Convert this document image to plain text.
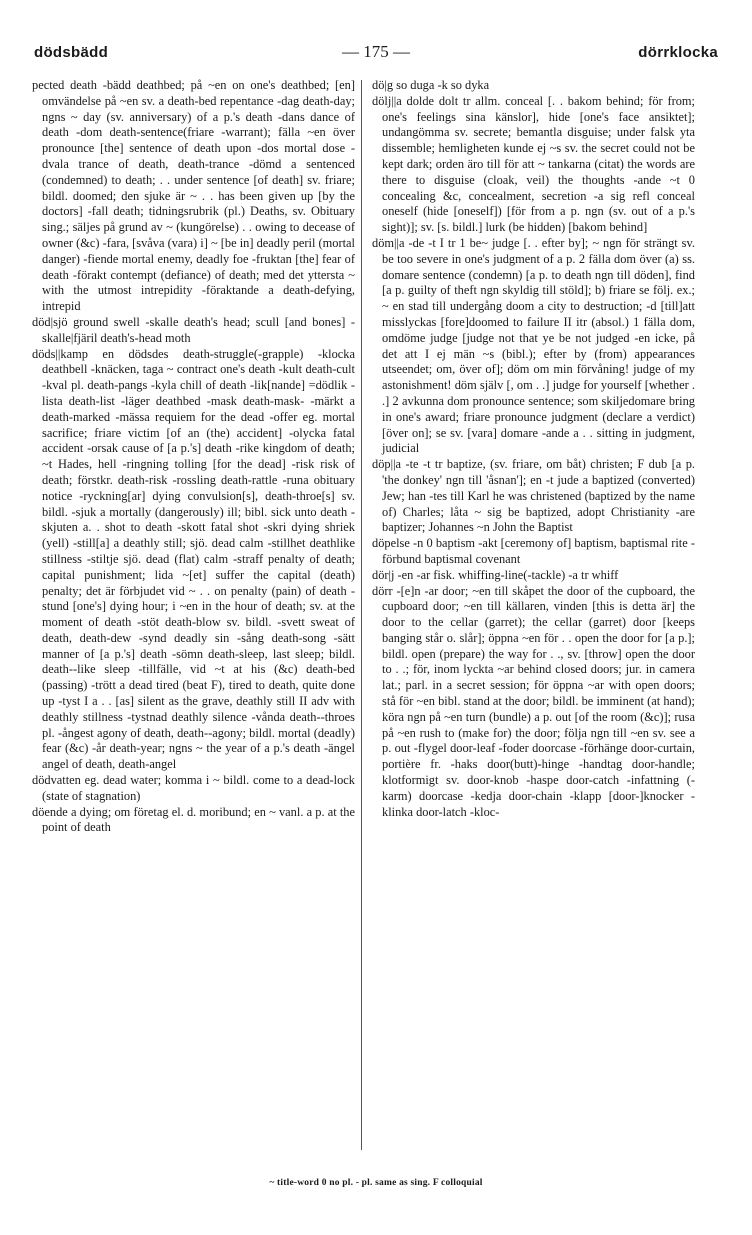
dödsbädd	— 175 —	dörrklocka
pected death -bädd deathbed; på ~en on one's deathbed; [en] omvändelse på ~en sv. a death-bed repentance -dag death-day; ngns ~ day (sv. anniversary) of a p.'s death -dans dance of death -dom death-sentence(friare -warrant); fälla ~en över pronounce [the] sentence of death upon -dos mortal dose -dvala trance of death, death-trance -dömd a sentenced (condemned) to death; . . under sentence [of death] sv. friare; bildl. doomed; den sjuke är ~ . . has been given up [by the doctors] -fall death; tidningsrubrik (pl.) Deaths, sv. Obituary sing.; säljes på grund av ~ (kungörelse) . . owing to decease of owner (&c) -fara, [svåva (vara) i] ~ [be in] deadly peril (mortal danger) -fiende mortal enemy, deadly foe -fruktan [the] fear of death -förakt contempt (defiance) of death; med det yttersta ~ with the utmost intrepidity -föraktande a death-defying, intrepid
död|sjö ground swell -skalle death's head; scull [and bones] -skalle|fjäril death's-head moth
döds||kamp en dödsdes death-struggle(-grapple) -klocka deathbell -knäcken, taga ~ contract one's death -kult death-cult -kval pl. death-pangs -kyla chill of death -lik[nande] =dödlik -lista death-list -läger deathbed -mask death-mask- -märkt a death-marked -mässa requiem for the dead -offer eg. mortal sacrifice; friare victim [of an (the) accident] -olycka fatal accident -orsak cause of [a p.'s] death -rike kingdom of death; ~t Hades, hell -ringning tolling [for the dead] -risk risk of death; förstkr. death-risk -rossling death-rattle -runa obituary notice -ryckning[ar] dying convulsion[s], death-throe[s] sv. bildl. -sjuk a mortally (dangerously) ill; bibl. sick unto death -skjuten a. . shot to death -skott fatal shot -skri dying shriek (yell) -still[a] a deathly still; sjö. dead calm -stillhet deathlike stillness -stiltje sjö. dead (flat) calm -straff penalty of death; capital punishment; lida ~[et] suffer the capital (death) penalty; det är förbjudet vid ~ . . on penalty (pain) of death -stund [one's] dying hour; i ~en in the hour of death; sv. at the moment of death -stöt death-blow sv. bildl. -svett sweat of death, death-dew -synd deadly sin -sång death-song -sätt manner of [a p.'s] death -sömn death-sleep, last sleep; bildl. death--like sleep -tillfälle, vid ~t at his (&c) death-bed (passing) -trött a dead tired (beat F), tired to death, quite done up -tyst I a . . [as] silent as the grave, deathly still II adv with deathly stillness -tystnad deathly silence -vånda death--throes pl. -ångest agony of death, death--agony; bildl. mortal (deadly) fear (&c) -år death-year; ngns ~ the year of a p.'s death -ängel angel of death, death-angel
dödvatten eg. dead water; komma i ~ bildl. come to a dead-lock (state of stagnation)
döende a dying; om företag el. d. moribund; en ~ vanl. a p. at the point of death
dö|g so duga -k so dyka
dölj||a dolde dolt tr allm. conceal [. . bakom behind; för from; one's feelings sina känslor], hide [one's face ansiktet]; undangömma sv. secrete; bemantla disguise; under falsk yta dissemble; hemligheten kunde ej ~s sv. the secret could not be kept dark; orden äro till för att ~ tankarna (citat) the words are there to disguise (cloak, veil) the thoughts -ande ~t 0 concealing &c, concealment, secretion -a sig refl conceal oneself (hide [oneself]) [för from a p. ngn (sv. out of a p.'s sight)]; sv. [s. bildl.] lurk (be hidden) [bakom behind]
döm||a -de -t I tr 1 be~ judge [. . efter by]; ~ ngn för strängt sv. be too severe in one's judgment of a p. 2 fälla dom över (a) ss. domare sentence (condemn) [a p. to death ngn till döden], find [a p. guilty of theft ngn skyldig till stöld]; b) friare se följ. ex.; ~ en stad till undergång doom a city to destruction; -d [till]att misslyckas [fore]doomed to failure II itr (absol.) 1 fälla dom, omdöme judge [judge not that ye be not judged -en icke, på det att I ej män ~s (bibl.); efter by (from) appearances utseendet; om, över of]; döm om min förvåning! judge of my astonishment! döm själv [, om . .] judge for yourself [whether . .] 2 avkunna dom pronounce sentence; som skiljedomare bring in one's award; friare pronounce judgment (declare a verdict) [över on]; se sv. [vara] domare -ande a . . sitting in judgment, judicial
döp||a -te -t tr baptize, (sv. friare, om båt) christen; F dub [a p. 'the donkey' ngn till 'åsnan']; en -t jude a baptized (converted) Jew; han -tes till Karl he was christened (baptized by the name of) Charles; låta ~ sig be baptized, adopt Christianity -are baptizer; Johannes ~n John the Baptist
döpelse -n 0 baptism -akt [ceremony of] baptism, baptismal rite -förbund baptismal covenant
dör|j -en -ar fisk. whiffing-line(-tackle) -a tr whiff
dörr -[e]n -ar door; ~en till skåpet the door of the cupboard, the cupboard door; ~en till källaren, vinden [this is detta är] the door to the cellar (garret); the cellar (garret) door [keeps banging står o. slår]; öppna ~en för . . open the door for [a p.]; bildl. open (prepare) the way for . ., sv. [throw] open the door to . .; för, inom lyckta ~ar behind closed doors; jur. in camera lat.; parl. in a secret session; för öppna ~ar with open doors; stå för ~en bibl. stand at the door; bildl. be imminent (at hand); köra ngn på ~en turn (bundle) a p. out [of the room (&c)]; rusa på ~en rush to (make for) the door; följa ngn till ~en sv. see a p. out -flygel door-leaf -foder doorcase -förhänge door-curtain, portière fr. -haks door(butt)-hinge -handtag door-handle; klotformigt sv. door-knob -haspe door-catch -infattning (-karm) doorcase -kedja door-chain -klapp [door-]knocker -klinka door-latch -kloc-
~ title-word 0 no pl. - pl. same as sing. F colloquial
